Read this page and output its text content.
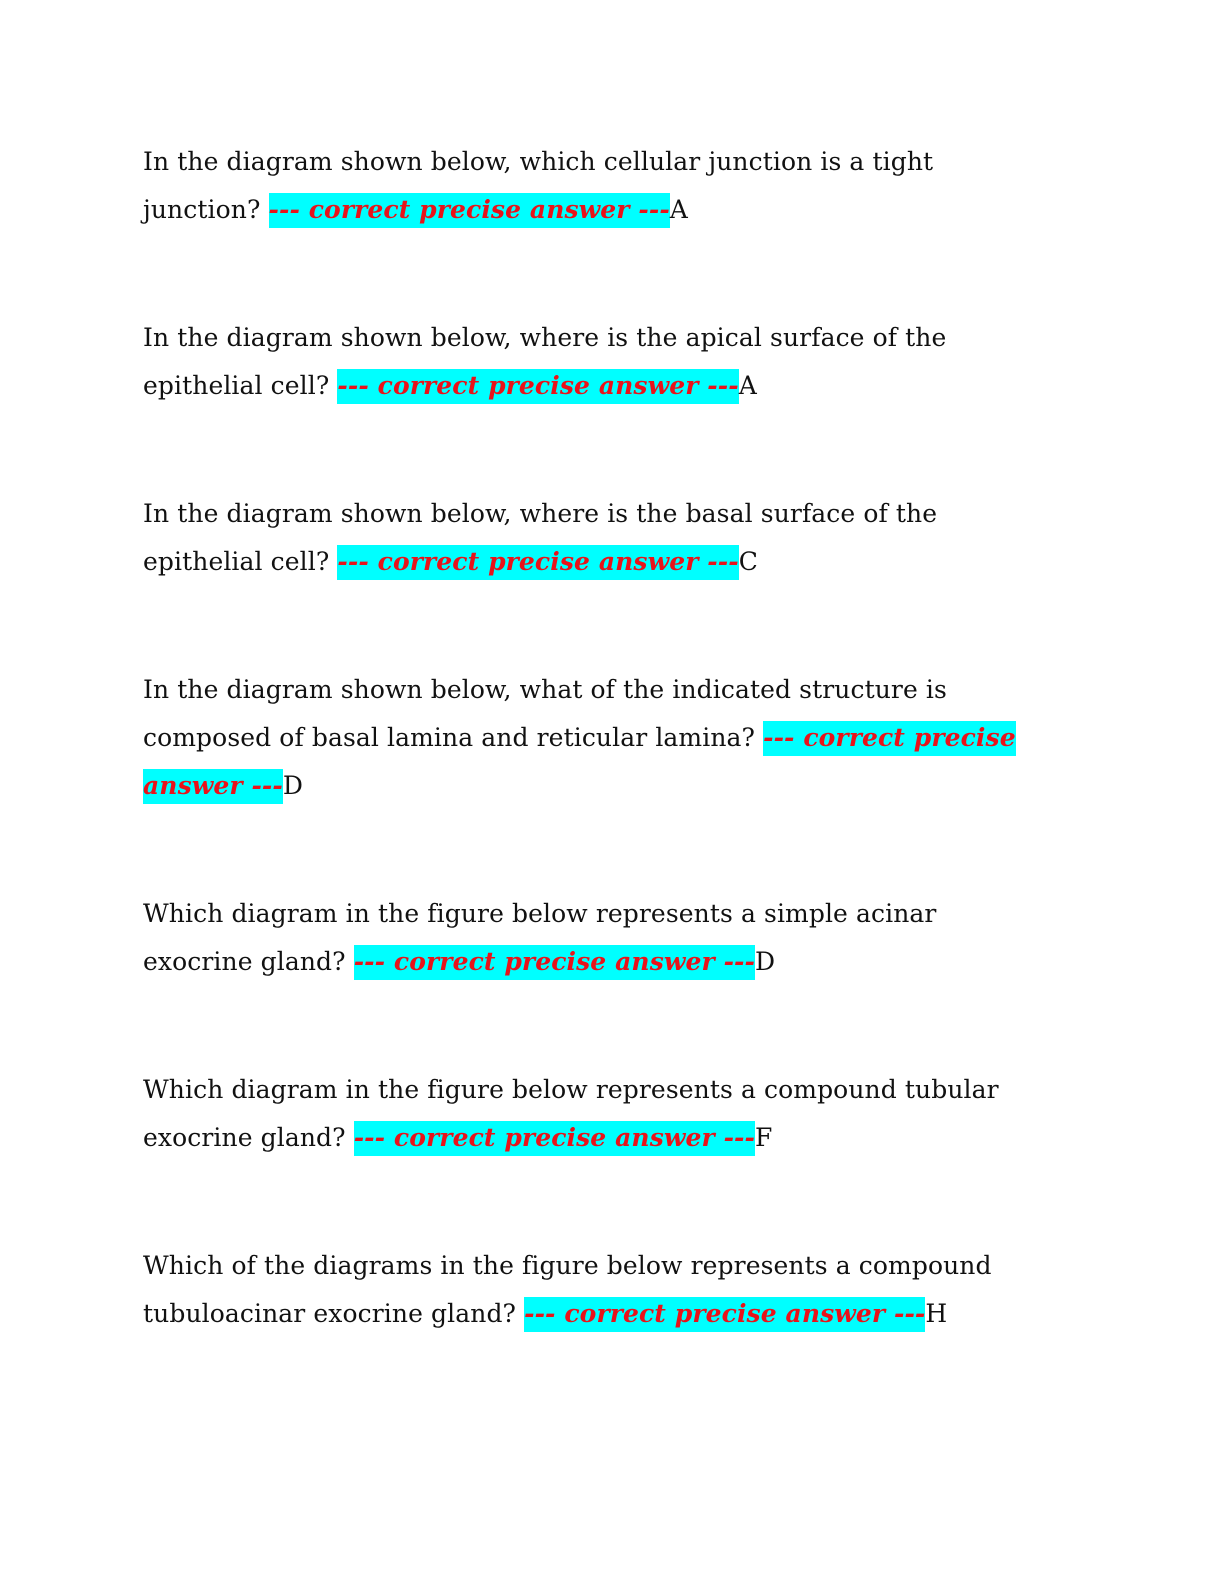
In the diagram shown below, which cellular junction is a tight junction? --- correct precise answer ---A

In the diagram shown below, where is the apical surface of the epithelial cell? --- correct precise answer ---A

In the diagram shown below, where is the basal surface of the epithelial cell? --- correct precise answer ---C

In the diagram shown below, what of the indicated structure is composed of basal lamina and reticular lamina? --- correct precise answer ---D

Which diagram in the figure below represents a simple acinar exocrine gland? --- correct precise answer ---D

Which diagram in the figure below represents a compound tubular exocrine gland? --- correct precise answer ---F

Which of the diagrams in the figure below represents a compound tubuloacinar exocrine gland? --- correct precise answer ---H
